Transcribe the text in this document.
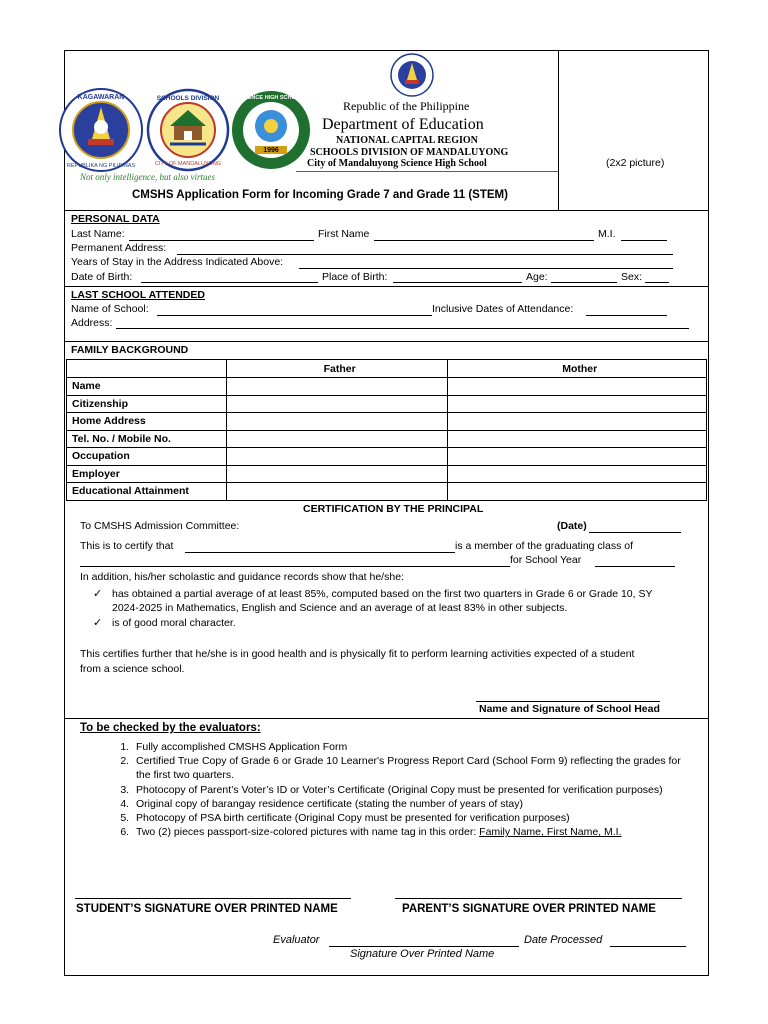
(2x2 picture)
KAGAWARAN
REPUBLIKA NG PILIPINAS
SCHOOLS DIVISION
CITY OF MANDALUYONG
1996
SCIENCE HIGH SCHOOL
Not only intelligence, but also virtues
Republic of the Philippine
Department of Education
NATIONAL CAPITAL REGION
SCHOOLS DIVISION OF MANDALUYONG
City of Mandaluyong Science High School
CMSHS Application Form for Incoming Grade 7 and Grade 11 (STEM)
PERSONAL DATA
Last Name:	First Name	M.I.
Permanent Address:
Years of Stay in the Address Indicated Above:
Date of Birth:	Place of Birth:	Age:	Sex:
LAST SCHOOL ATTENDED
Name of School:	Inclusive Dates of Attendance:
Address:
FAMILY BACKGROUND
	Father	Mother
Name		
Citizenship		
Home Address		
Tel. No. / Mobile No.		
Occupation		
Employer		
Educational Attainment		
CERTIFICATION BY THE PRINCIPAL
To CMSHS Admission Committee:	(Date)
This is to certify that	is a member of the graduating class of
for School Year
In addition, his/her scholastic and guidance records show that he/she:
✓ has obtained a partial average of at least 85%, computed based on the first two quarters in Grade 6 or Grade 10, SY
2024-2025 in Mathematics, English and Science and an average of at least 83% in other subjects.
✓ is of good moral character.
This certifies further that he/she is in good health and is physically fit to perform learning activities expected of a student
from a science school.
Name and Signature of School Head
To be checked by the evaluators:
1. Fully accomplished CMSHS Application Form
2. Certified True Copy of Grade 6 or Grade 10 Learner's Progress Report Card (School Form 9) reflecting the grades for the first two quarters.
3. Photocopy of Parent’s Voter’s ID or Voter’s Certificate (Original Copy must be presented for verification purposes)
4. Original copy of barangay residence certificate (stating the number of years of stay)
5. Photocopy of PSA birth certificate (Original Copy must be presented for verification purposes)
6. Two (2) pieces passport-size-colored pictures with name tag in this order: Family Name, First Name, M.I.
STUDENT’S SIGNATURE OVER PRINTED NAME	PARENT’S SIGNATURE OVER PRINTED NAME
Evaluator	Date Processed
Signature Over Printed Name
